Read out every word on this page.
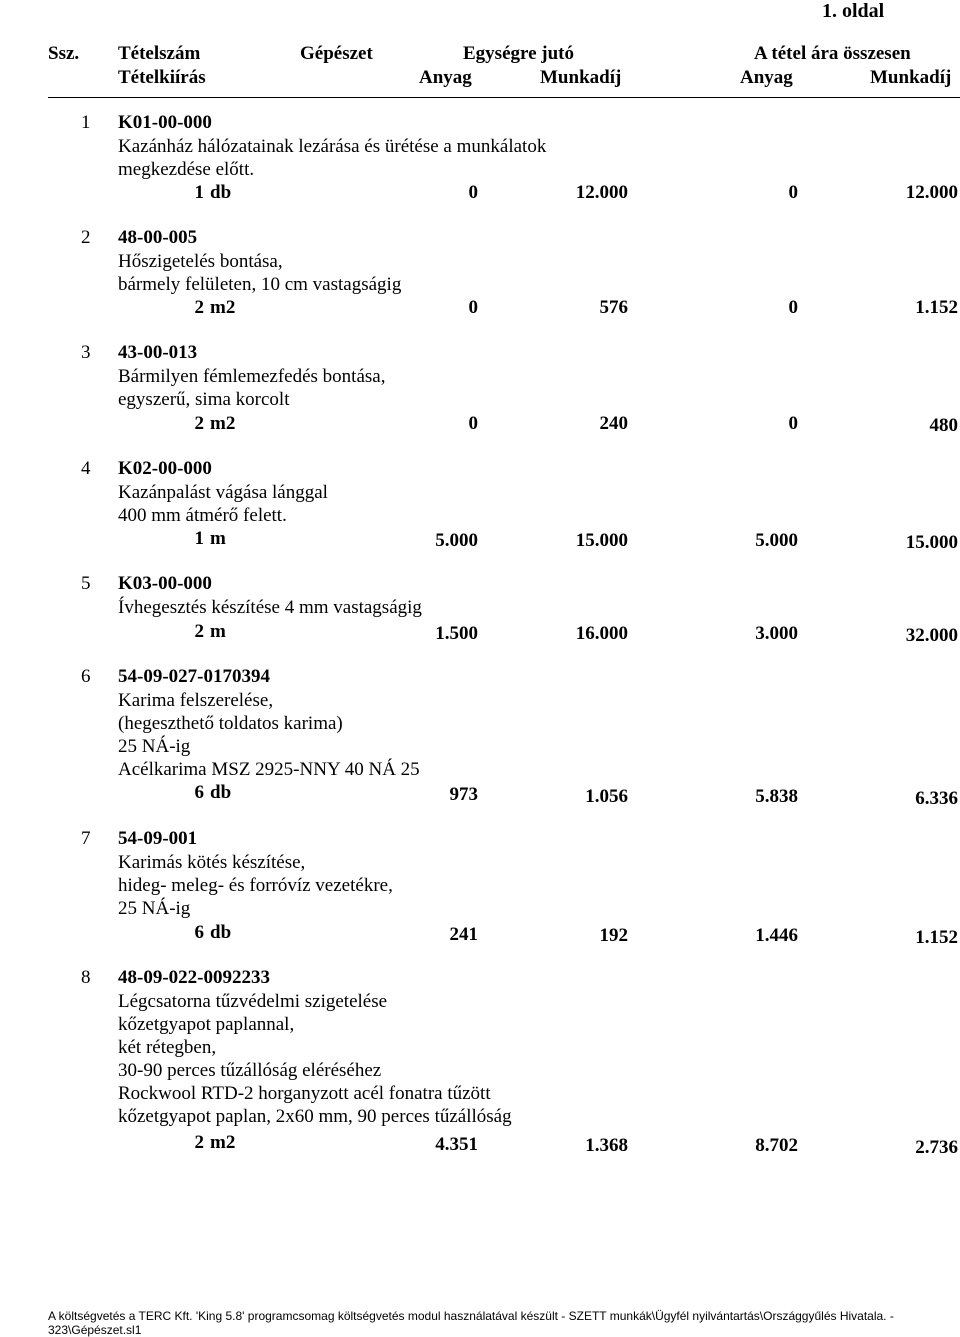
1. oldal
Ssz. Tételszám	Gépészet	Egységre jutó	A tétel ára összesen
Tételkiírás	Anyag	Munkadíj	Anyag	Munkadíj
1 K01-00-000
Kazánház hálózatainak lezárása és ürétése a munkálatok
megkezdése előtt.
1 db	0	12.000	0	12.000
2 48-00-005
Hőszigetelés bontása,
bármely felületen, 10 cm vastagságig
2 m2	0	576	0	1.152
3 43-00-013
Bármilyen fémlemezfedés bontása,
egyszerű, sima korcolt
2 m2	0	240	0	480
4 K02-00-000
Kazánpalást vágása lánggal
400 mm átmérő felett.
1 m	5.000	15.000	5.000	15.000
5 K03-00-000
Ívhegesztés készítése 4 mm vastagságig
2 m	1.500	16.000	3.000	32.000
6 54-09-027-0170394
Karima felszerelése,
(hegeszthető toldatos karima)
25 NÁ-ig
Acélkarima MSZ 2925-NNY 40 NÁ 25
6 db	973	1.056	5.838	6.336
7 54-09-001
Karimás kötés készítése,
hideg- meleg- és forróvíz vezetékre,
25 NÁ-ig
6 db	241	192	1.446	1.152
8 48-09-022-0092233
Légcsatorna tűzvédelmi szigetelése
kőzetgyapot paplannal,
két rétegben,
30-90 perces tűzállóság eléréséhez
Rockwool RTD-2 horganyzott acél fonatra tűzött
kőzetgyapot paplan, 2x60 mm, 90 perces tűzállóság
2 m2	4.351	1.368	8.702	2.736
A költségvetés a TERC Kft. 'King 5.8' programcsomag költségvetés modul használatával készült - SZETT munkák\Ügyfél nyilvántartás\Országgyűlés Hivatala. - 323\Gépészet.sl1
